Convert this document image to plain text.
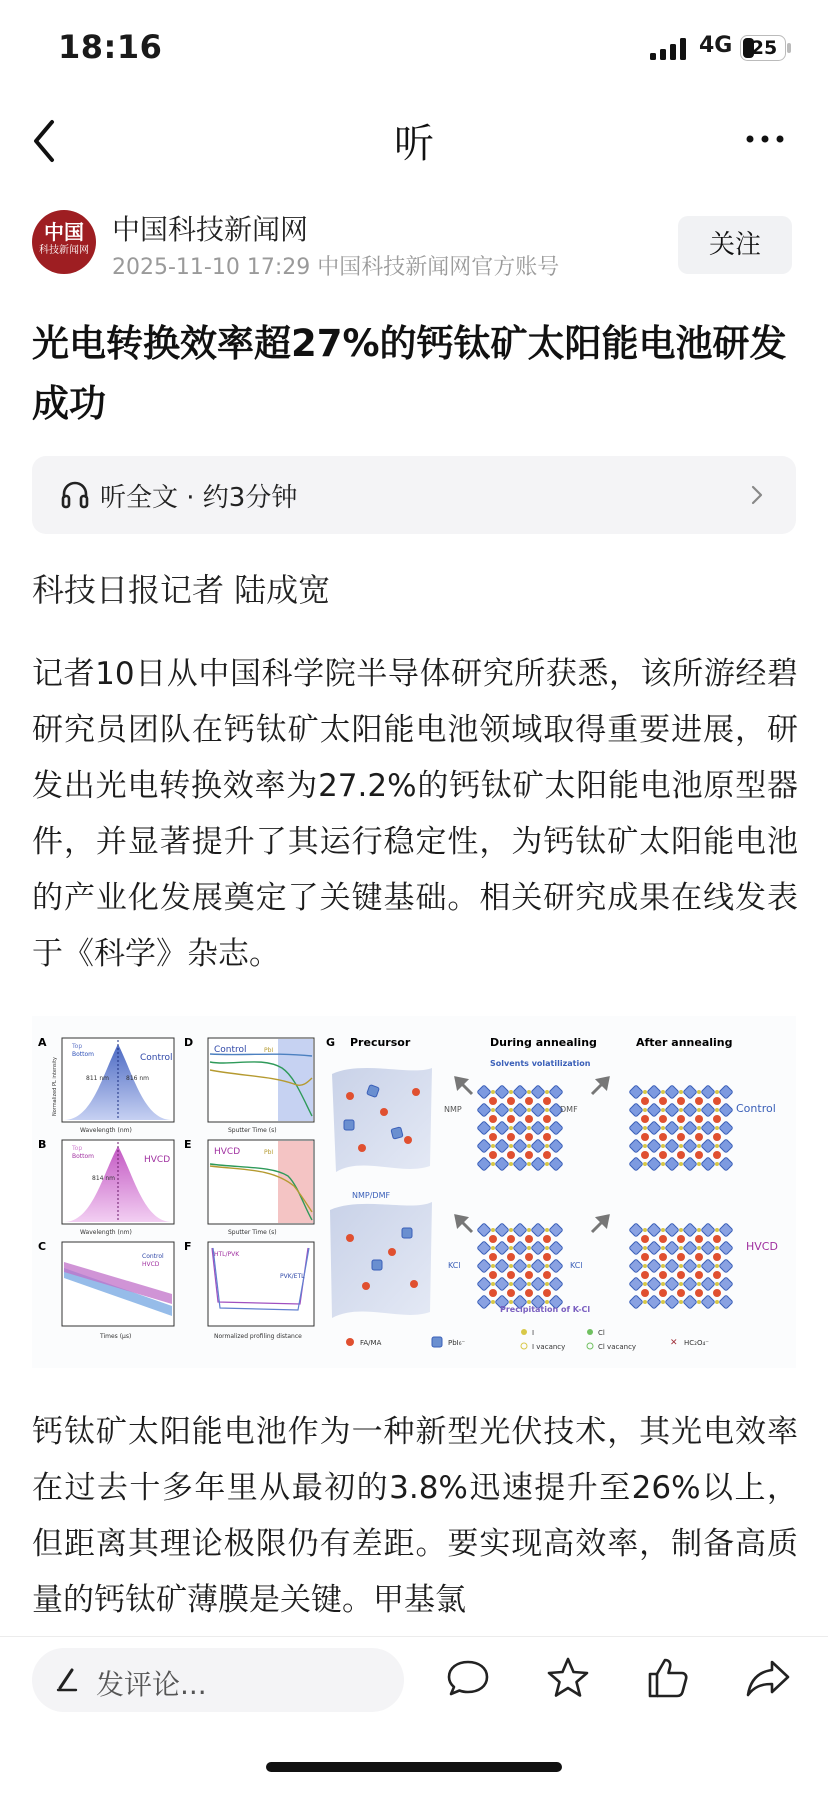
18:16	4G 25
听
中国
科技新闻网
中国科技新闻网
2025-11-10 17:29 中国科技新闻网官方账号
关注
光电转换效率超27%的钙钛矿太阳能电池研发成功
听全文 · 约3分钟
科技日报记者 陆成宽
记者10日从中国科学院半导体研究所获悉，该所游经碧研究员团队在钙钛矿太阳能电池领域取得重要进展，研发出光电转换效率为27.2%的钙钛矿太阳能电池原型器件，并显著提升了其运行稳定性，为钙钛矿太阳能电池的产业化发展奠定了关键基础。相关研究成果在线发表于《科学》杂志。
A
Control
Top
Bottom
811 nm	816 nm
Wavelength (nm)
Normalized PL intensity
B
HVCD
Top
Bottom
814 nm
Wavelength (nm)
C
Control
HVCD
Times (μs)
D
Control	PbI
Sputter Time (s)
E
HVCD	PbI
Sputter Time (s)
F
HTL/PVK
PVK/ETL
Normalized profiling distance
G Precursor	During annealing	After annealing
Solvents volatilization
NMP/DMF
NMP	DMF	Control
KCl	KCl
HVCD
Precipitation of K-Cl
FA/MA	PbI₆⁻
I	Cl
I vacancy	Cl vacancy	✕ HC₂O₄⁻
钙钛矿太阳能电池作为一种新型光伏技术，其光电效率在过去十多年里从最初的3.8%迅速提升至26%以上，但距离其理论极限仍有差距。要实现高效率，制备高质量的钙钛矿薄膜是关键。甲基氯
发评论...
